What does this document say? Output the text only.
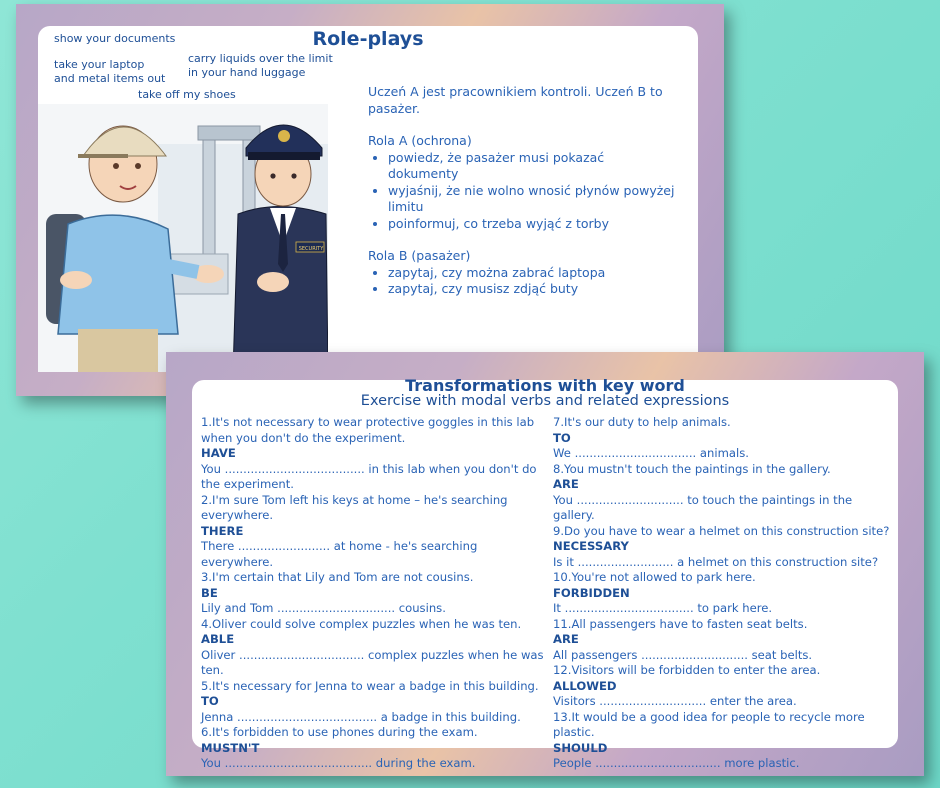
Role-plays
show your documents
carry liquids over the limit
in your hand luggage
take your laptop
and metal items out
take off my shoes
SECURITY

Uczeń A jest pracownikiem kontroli. Uczeń B to pasażer.

Rola A (ochrona)

• powiedz, że pasażer musi pokazać dokumenty
• wyjaśnij, że nie wolno wnosić płynów powyżej limitu
• poinformuj, co trzeba wyjąć z torby

Rola B (pasażer)

• zapytaj, czy można zabrać laptopa
• zapytaj, czy musisz zdjąć buty
Transformations with key word
Exercise with modal verbs and related expressions
1.It's not necessary to wear protective goggles in this lab when you don't do the experiment.
HAVE
You ...................................... in this lab when you don't do the experiment.
2.I'm sure Tom left his keys at home – he's searching everywhere.
THERE
There ......................... at home - he's searching everywhere.
3.I'm certain that Lily and Tom are not cousins.
BE
Lily and Tom ................................ cousins.
4.Oliver could solve complex puzzles when he was ten.
ABLE
Oliver .................................. complex puzzles when he was ten.
5.It's necessary for Jenna to wear a badge in this building.
TO
Jenna ...................................... a badge in this building.
6.It's forbidden to use phones during the exam.
MUSTN'T
You ........................................ during the exam.
7.It's our duty to help animals.
TO
We ................................. animals.
8.You mustn't touch the paintings in the gallery.
ARE
You ............................. to touch the paintings in the gallery.
9.Do you have to wear a helmet on this construction site?
NECESSARY
Is it .......................... a helmet on this construction site?
10.You're not allowed to park here.
FORBIDDEN
It ................................... to park here.
11.All passengers have to fasten seat belts.
ARE
All passengers ............................. seat belts.
12.Visitors will be forbidden to enter the area.
ALLOWED
Visitors ............................. enter the area.
13.It would be a good idea for people to recycle more plastic.
SHOULD
People .................................. more plastic.
